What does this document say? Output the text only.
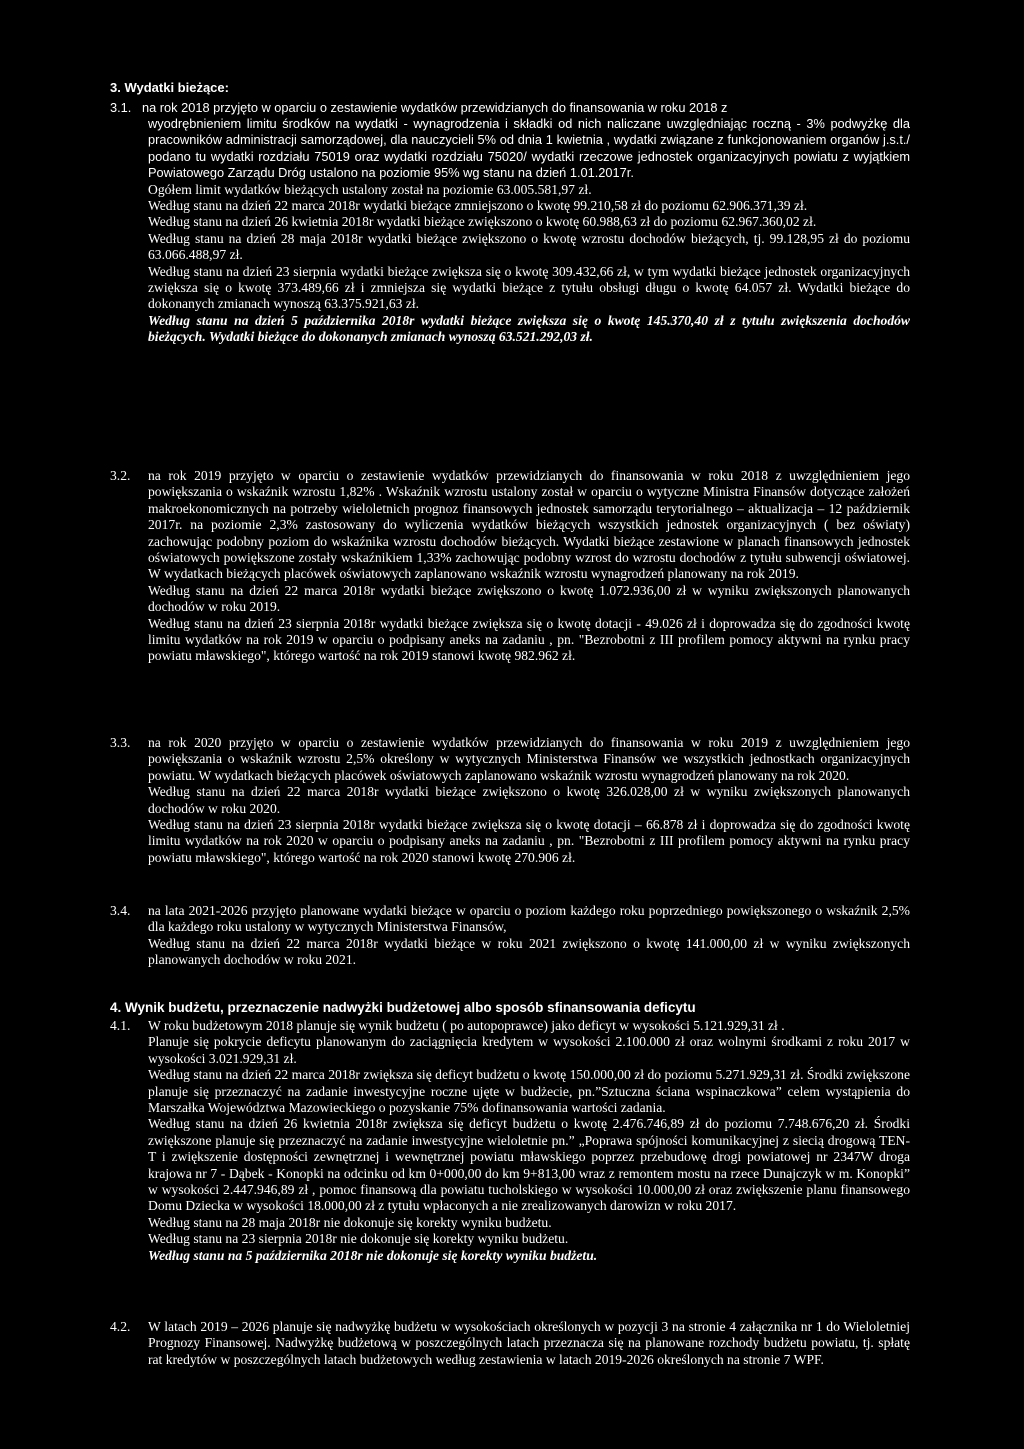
3. Wydatki bieżące:
3.1. na rok 2018 przyjęto w oparciu o zestawienie wydatków przewidzianych do finansowania w roku 2018 z

wyodrębnieniem limitu środków na wydatki - wynagrodzenia i składki od nich naliczane uwzględniając roczną - 3% podwyżkę dla pracowników administracji samorządowej, dla nauczycieli 5% od dnia 1 kwietnia , wydatki związane z funkcjonowaniem organów j.s.t./ podano tu wydatki rozdziału 75019 oraz wydatki rozdziału 75020/ wydatki rzeczowe jednostek organizacyjnych powiatu z wyjątkiem Powiatowego Zarządu Dróg ustalono na poziomie 95% wg stanu na dzień 1.01.2017r.

Ogółem limit wydatków bieżących ustalony został na poziomie 63.005.581,97 zł.

Według stanu na dzień 22 marca 2018r wydatki bieżące zmniejszono o kwotę 99.210,58 zł do poziomu 62.906.371,39 zł.

Według stanu na dzień 26 kwietnia 2018r wydatki bieżące zwiększono o kwotę 60.988,63 zł do poziomu 62.967.360,02 zł.

Według stanu na dzień 28 maja 2018r wydatki bieżące zwiększono o kwotę wzrostu dochodów bieżących, tj. 99.128,95 zł do poziomu 63.066.488,97 zł.

Według stanu na dzień 23 sierpnia wydatki bieżące zwiększa się o kwotę 309.432,66 zł, w tym wydatki bieżące jednostek organizacyjnych zwiększa się o kwotę 373.489,66 zł i zmniejsza się wydatki bieżące z tytułu obsługi długu o kwotę 64.057 zł. Wydatki bieżące do dokonanych zmianach wynoszą 63.375.921,63 zł.

Według stanu na dzień 5 października 2018r wydatki bieżące zwiększa się o kwotę 145.370,40 zł z tytułu zwiększenia dochodów bieżących. Wydatki bieżące do dokonanych zmianach wynoszą 63.521.292,03 zł.

3.2. na rok 2019 przyjęto w oparciu o zestawienie wydatków przewidzianych do finansowania w roku 2018 z uwzględnieniem jego powiększania o wskaźnik wzrostu 1,82% . Wskaźnik wzrostu ustalony został w oparciu o wytyczne Ministra Finansów dotyczące założeń makroekonomicznych na potrzeby wieloletnich prognoz finansowych jednostek samorządu terytorialnego – aktualizacja – 12 październik 2017r. na poziomie 2,3% zastosowany do wyliczenia wydatków bieżących wszystkich jednostek organizacyjnych ( bez oświaty) zachowując podobny poziom do wskaźnika wzrostu dochodów bieżących. Wydatki bieżące zestawione w planach finansowych jednostek oświatowych powiększone zostały wskaźnikiem 1,33% zachowując podobny wzrost do wzrostu dochodów z tytułu subwencji oświatowej. W wydatkach bieżących placówek oświatowych zaplanowano wskaźnik wzrostu wynagrodzeń planowany na rok 2019.

Według stanu na dzień 22 marca 2018r wydatki bieżące zwiększono o kwotę 1.072.936,00 zł w wyniku zwiększonych planowanych dochodów w roku 2019.

Według stanu na dzień 23 sierpnia 2018r wydatki bieżące zwiększa się o kwotę dotacji - 49.026 zł i doprowadza się do zgodności kwotę limitu wydatków na rok 2019 w oparciu o podpisany aneks na zadaniu , pn. "Bezrobotni z III profilem pomocy aktywni na rynku pracy powiatu mławskiego", którego wartość na rok 2019 stanowi kwotę 982.962 zł.

3.3. na rok 2020 przyjęto w oparciu o zestawienie wydatków przewidzianych do finansowania w roku 2019 z uwzględnieniem jego powiększania o wskaźnik wzrostu 2,5% określony w wytycznych Ministerstwa Finansów we wszystkich jednostkach organizacyjnych powiatu. W wydatkach bieżących placówek oświatowych zaplanowano wskaźnik wzrostu wynagrodzeń planowany na rok 2020.

Według stanu na dzień 22 marca 2018r wydatki bieżące zwiększono o kwotę 326.028,00 zł w wyniku zwiększonych planowanych dochodów w roku 2020.

Według stanu na dzień 23 sierpnia 2018r wydatki bieżące zwiększa się o kwotę dotacji – 66.878 zł i doprowadza się do zgodności kwotę limitu wydatków na rok 2020 w oparciu o podpisany aneks na zadaniu , pn. "Bezrobotni z III profilem pomocy aktywni na rynku pracy powiatu mławskiego", którego wartość na rok 2020 stanowi kwotę 270.906 zł.

3.4. na lata 2021-2026 przyjęto planowane wydatki bieżące w oparciu o poziom każdego roku poprzedniego powiększonego o wskaźnik 2,5% dla każdego roku ustalony w wytycznych Ministerstwa Finansów,

Według stanu na dzień 22 marca 2018r wydatki bieżące w roku 2021 zwiększono o kwotę 141.000,00 zł w wyniku zwiększonych planowanych dochodów w roku 2021.

4. Wynik budżetu, przeznaczenie nadwyżki budżetowej albo sposób sfinansowania deficytu
4.1. W roku budżetowym 2018 planuje się wynik budżetu ( po autopoprawce) jako deficyt w wysokości 5.121.929,31 zł .

Planuje się pokrycie deficytu planowanym do zaciągnięcia kredytem w wysokości 2.100.000 zł oraz wolnymi środkami z roku 2017 w wysokości 3.021.929,31 zł.

Według stanu na dzień 22 marca 2018r zwiększa się deficyt budżetu o kwotę 150.000,00 zł do poziomu 5.271.929,31 zł. Środki zwiększone planuje się przeznaczyć na zadanie inwestycyjne roczne ujęte w budżecie, pn.”Sztuczna ściana wspinaczkowa” celem wystąpienia do Marszałka Województwa Mazowieckiego o pozyskanie 75% dofinansowania wartości zadania.

Według stanu na dzień 26 kwietnia 2018r zwiększa się deficyt budżetu o kwotę 2.476.746,89 zł do poziomu 7.748.676,20 zł. Środki zwiększone planuje się przeznaczyć na zadanie inwestycyjne wieloletnie pn.” „Poprawa spójności komunikacyjnej z siecią drogową TEN-T i zwiększenie dostępności zewnętrznej i wewnętrznej powiatu mławskiego poprzez przebudowę drogi powiatowej nr 2347W droga krajowa nr 7 - Dąbek - Konopki na odcinku od km 0+000,00 do km 9+813,00 wraz z remontem mostu na rzece Dunajczyk w m. Konopki” w wysokości 2.447.946,89 zł , pomoc finansową dla powiatu tucholskiego w wysokości 10.000,00 zł oraz zwiększenie planu finansowego Domu Dziecka w wysokości 18.000,00 zł z tytułu wpłaconych a nie zrealizowanych darowizn w roku 2017.

Według stanu na 28 maja 2018r nie dokonuje się korekty wyniku budżetu.

Według stanu na 23 sierpnia 2018r nie dokonuje się korekty wyniku budżetu.

Według stanu na 5 października 2018r nie dokonuje się korekty wyniku budżetu.

4.2. W latach 2019 – 2026 planuje się nadwyżkę budżetu w wysokościach określonych w pozycji 3 na stronie 4 załącznika nr 1 do Wieloletniej Prognozy Finansowej. Nadwyżkę budżetową w poszczególnych latach przeznacza się na planowane rozchody budżetu powiatu, tj. spłatę rat kredytów w poszczególnych latach budżetowych według zestawienia w latach 2019-2026 określonych na stronie 7 WPF.
